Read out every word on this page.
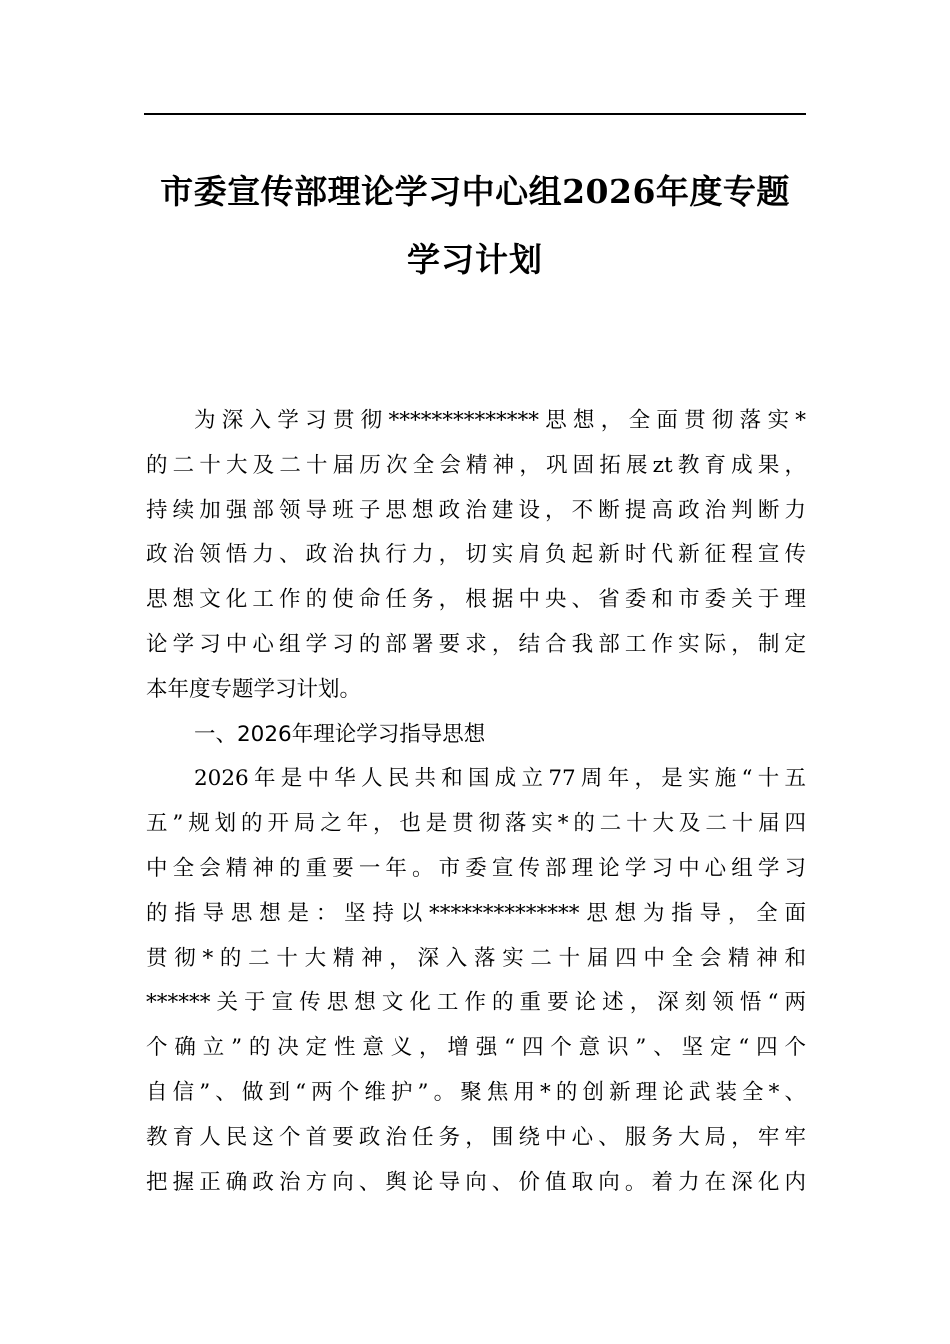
市委宣传部理论学习中心组2026年度专题
学习计划
为深入学习贯彻**************思想，全面贯彻落实*
的二十大及二十届历次全会精神，巩固拓展zt教育成果，
持续加强部领导班子思想政治建设，不断提高政治判断力
政治领悟力、政治执行力，切实肩负起新时代新征程宣传
思想文化工作的使命任务，根据中央、省委和市委关于理
论学习中心组学习的部署要求，结合我部工作实际，制定
本年度专题学习计划。
一、2026年理论学习指导思想
2026年是中华人民共和国成立77周年，是实施“十五
五”规划的开局之年，也是贯彻落实*的二十大及二十届四
中全会精神的重要一年。市委宣传部理论学习中心组学习
的指导思想是：坚持以**************思想为指导，全面
贯彻*的二十大精神，深入落实二十届四中全会精神和
******关于宣传思想文化工作的重要论述，深刻领悟“两
个确立”的决定性意义，增强“四个意识”、坚定“四个
自信”、做到“两个维护”。聚焦用*的创新理论武装全*、
教育人民这个首要政治任务，围绕中心、服务大局，牢牢
把握正确政治方向、舆论导向、价值取向。着力在深化内
